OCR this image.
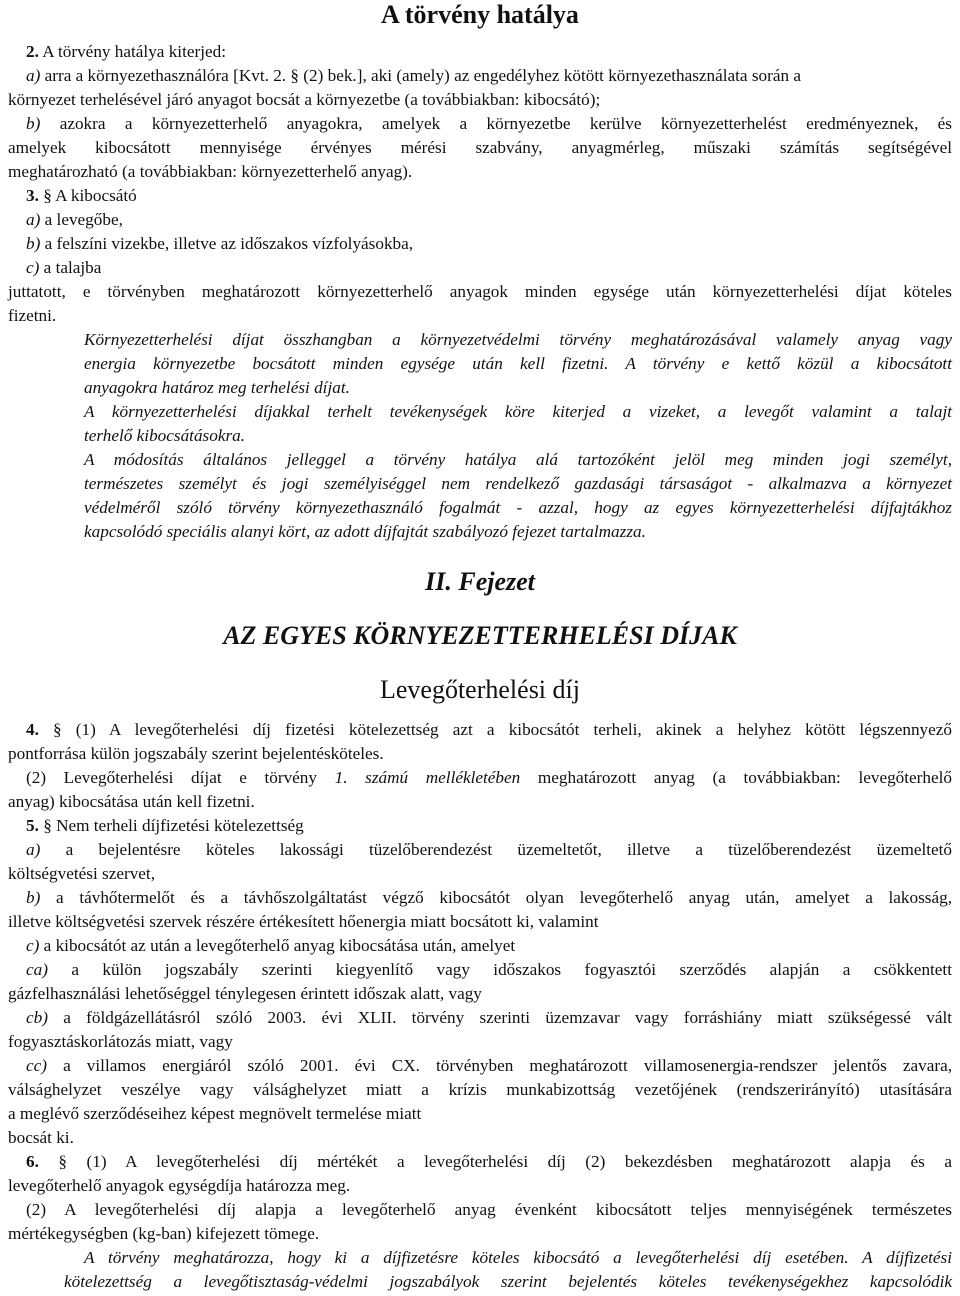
A törvény hatálya

2. A törvény hatálya kiterjed:

a) arra a környezethasználóra [Kvt. 2. § (2) bek.], aki (amely) az engedélyhez kötött környezethasználata során a

környezet terhelésével járó anyagot bocsát a környezetbe (a továbbiakban: kibocsátó);

b) azokra a környezetterhelő anyagokra, amelyek a környezetbe kerülve környezetterhelést eredményeznek, és

amelyek kibocsátott mennyisége érvényes mérési szabvány, anyagmérleg, műszaki számítás segítségével

meghatározható (a továbbiakban: környezetterhelő anyag).

3. § A kibocsátó

a) a levegőbe,

b) a felszíni vizekbe, illetve az időszakos vízfolyásokba,

c) a talajba

juttatott, e törvényben meghatározott környezetterhelő anyagok minden egysége után környezetterhelési díjat köteles

fizetni.

Környezetterhelési díjat összhangban a környezetvédelmi törvény meghatározásával valamely anyag vagy

energia környezetbe bocsátott minden egysége után kell fizetni. A törvény e kettő közül a kibocsátott

anyagokra határoz meg terhelési díjat.

A környezetterhelési díjakkal terhelt tevékenységek köre kiterjed a vizeket, a levegőt valamint a talajt

terhelő kibocsátásokra.

A módosítás általános jelleggel a törvény hatálya alá tartozóként jelöl meg minden jogi személyt,

természetes személyt és jogi személyiséggel nem rendelkező gazdasági társaságot - alkalmazva a környezet

védelméről szóló törvény környezethasználó fogalmát - azzal, hogy az egyes környezetterhelési díjfajtákhoz

kapcsolódó speciális alanyi kört, az adott díjfajtát szabályozó fejezet tartalmazza.

II. Fejezet
AZ EGYES KÖRNYEZETTERHELÉSI DÍJAK
Levegőterhelési díj

4. § (1) A levegőterhelési díj fizetési kötelezettség azt a kibocsátót terheli, akinek a helyhez kötött légszennyező

pontforrása külön jogszabály szerint bejelentésköteles.

(2) Levegőterhelési díjat e törvény 1. számú mellékletében meghatározott anyag (a továbbiakban: levegőterhelő

anyag) kibocsátása után kell fizetni.

5. § Nem terheli díjfizetési kötelezettség

a) a bejelentésre köteles lakossági tüzelőberendezést üzemeltetőt, illetve a tüzelőberendezést üzemeltető

költségvetési szervet,

b) a távhőtermelőt és a távhőszolgáltatást végző kibocsátót olyan levegőterhelő anyag után, amelyet a lakosság,

illetve költségvetési szervek részére értékesített hőenergia miatt bocsátott ki, valamint

c) a kibocsátót az után a levegőterhelő anyag kibocsátása után, amelyet

ca) a külön jogszabály szerinti kiegyenlítő vagy időszakos fogyasztói szerződés alapján a csökkentett

gázfelhasználási lehetőséggel ténylegesen érintett időszak alatt, vagy

cb) a földgázellátásról szóló 2003. évi XLII. törvény szerinti üzemzavar vagy forráshiány miatt szükségessé vált

fogyasztáskorlátozás miatt, vagy

cc) a villamos energiáról szóló 2001. évi CX. törvényben meghatározott villamosenergia-rendszer jelentős zavara,

válsághelyzet veszélye vagy válsághelyzet miatt a krízis munkabizottság vezetőjének (rendszerirányító) utasítására

a meglévő szerződéseihez képest megnövelt termelése miatt

bocsát ki.

6. § (1) A levegőterhelési díj mértékét a levegőterhelési díj (2) bekezdésben meghatározott alapja és a

levegőterhelő anyagok egységdíja határozza meg.

(2) A levegőterhelési díj alapja a levegőterhelő anyag évenként kibocsátott teljes mennyiségének természetes

mértékegységben (kg-ban) kifejezett tömege.

A törvény meghatározza, hogy ki a díjfizetésre köteles kibocsátó a levegőterhelési díj esetében. A díjfizetési

kötelezettség a levegőtisztaság-védelmi jogszabályok szerint bejelentés köteles tevékenységekhez kapcsolódik
